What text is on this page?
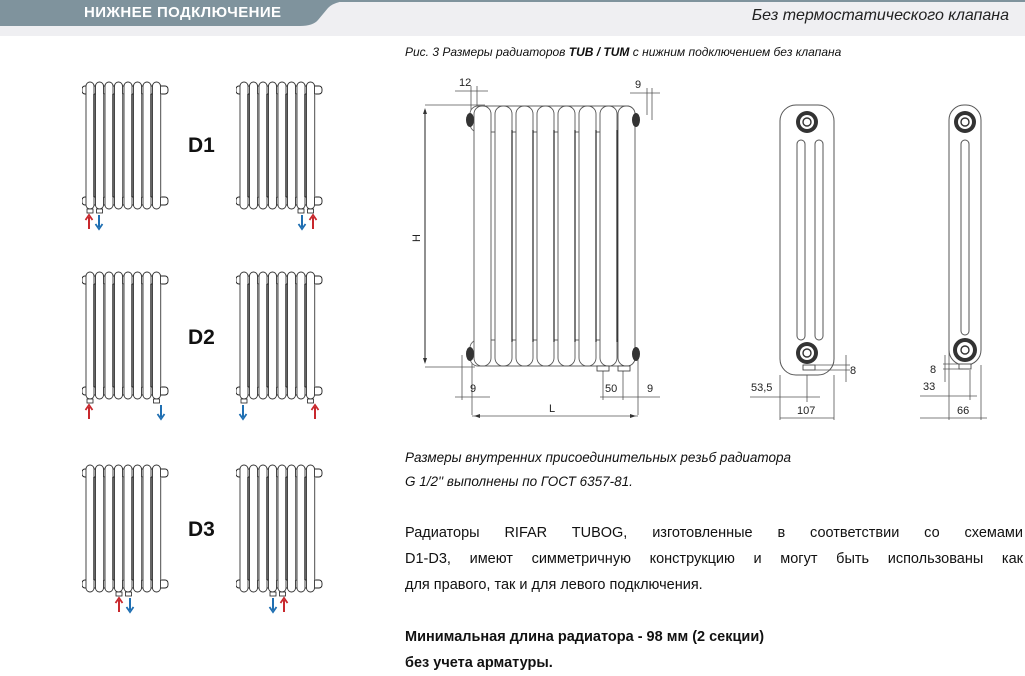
НИЖНЕЕ ПОДКЛЮЧЕНИЕ	Без термостатического клапана
Рис. 3 Размеры радиаторов TUB / TUM с нижним подключением без клапана
D1
D2
D3
12	9
H
9	50	9
L
8
53,5
107
8
33
66
Размеры внутренних присоединительных резьб радиатора
G 1/2'' выполнены по ГОСТ 6357-81.
Радиаторы RIFAR TUBOG, изготовленные в соответствии со схемами
D1-D3, имеют симметричную конструкцию и могут быть использованы как
для правого, так и для левого подключения.
Минимальная длина радиатора - 98 мм (2 секции)
без учета арматуры.
